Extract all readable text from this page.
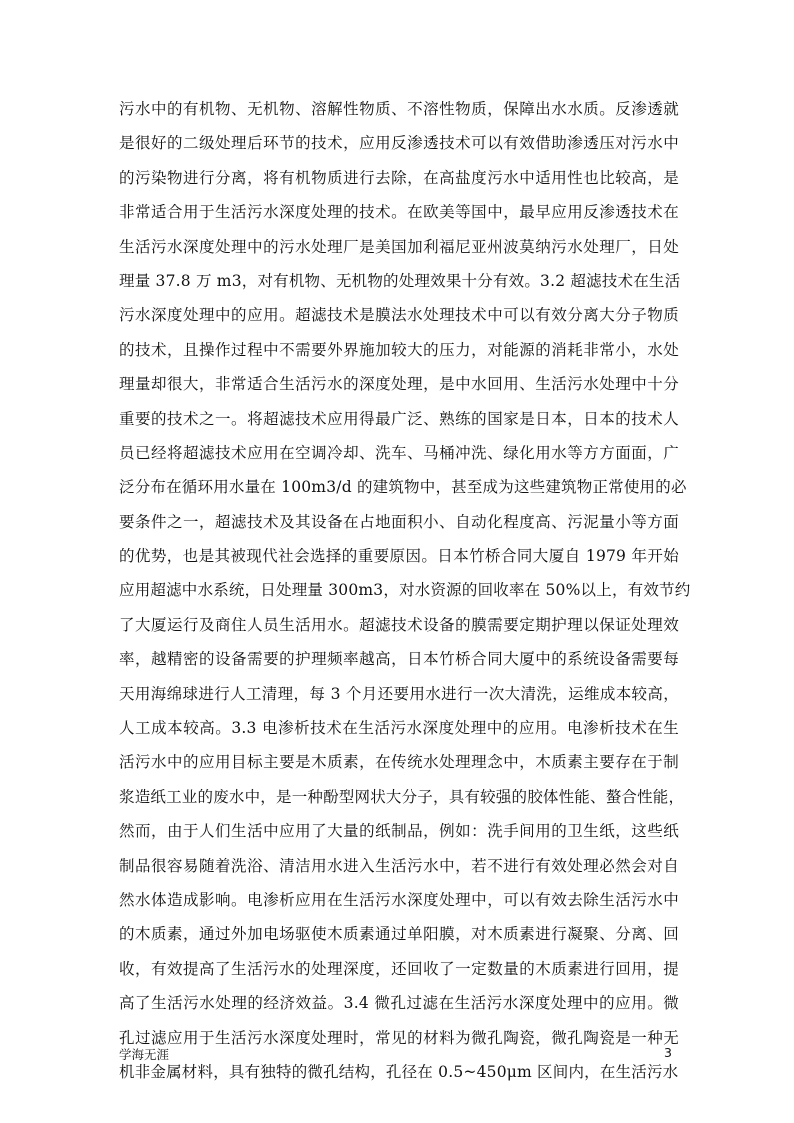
污水中的有机物、无机物、溶解性物质、不溶性物质，保障出水水质。反渗透就
是很好的二级处理后环节的技术，应用反渗透技术可以有效借助渗透压对污水中
的污染物进行分离，将有机物质进行去除，在高盐度污水中适用性也比较高，是
非常适合用于生活污水深度处理的技术。在欧美等国中，最早应用反渗透技术在
生活污水深度处理中的污水处理厂是美国加利福尼亚州波莫纳污水处理厂，日处
理量 37.8 万 m3，对有机物、无机物的处理效果十分有效。3.2 超滤技术在生活
污水深度处理中的应用。超滤技术是膜法水处理技术中可以有效分离大分子物质
的技术，且操作过程中不需要外界施加较大的压力，对能源的消耗非常小，水处
理量却很大，非常适合生活污水的深度处理，是中水回用、生活污水处理中十分
重要的技术之一。将超滤技术应用得最广泛、熟练的国家是日本，日本的技术人
员已经将超滤技术应用在空调冷却、洗车、马桶冲洗、绿化用水等方方面面，广
泛分布在循环用水量在 100m3/d 的建筑物中，甚至成为这些建筑物正常使用的必
要条件之一，超滤技术及其设备在占地面积小、自动化程度高、污泥量小等方面
的优势，也是其被现代社会选择的重要原因。日本竹桥合同大厦自 1979 年开始
应用超滤中水系统，日处理量 300m3，对水资源的回收率在 50%以上，有效节约
了大厦运行及商住人员生活用水。超滤技术设备的膜需要定期护理以保证处理效
率，越精密的设备需要的护理频率越高，日本竹桥合同大厦中的系统设备需要每
天用海绵球进行人工清理，每 3 个月还要用水进行一次大清洗，运维成本较高，
人工成本较高。3.3 电渗析技术在生活污水深度处理中的应用。电渗析技术在生
活污水中的应用目标主要是木质素，在传统水处理理念中，木质素主要存在于制
浆造纸工业的废水中，是一种酚型网状大分子，具有较强的胶体性能、螯合性能，
然而，由于人们生活中应用了大量的纸制品，例如：洗手间用的卫生纸，这些纸
制品很容易随着洗浴、清洁用水进入生活污水中，若不进行有效处理必然会对自
然水体造成影响。电渗析应用在生活污水深度处理中，可以有效去除生活污水中
的木质素，通过外加电场驱使木质素通过单阳膜，对木质素进行凝聚、分离、回
收，有效提高了生活污水的处理深度，还回收了一定数量的木质素进行回用，提
高了生活污水处理的经济效益。3.4 微孔过滤在生活污水深度处理中的应用。微
孔过滤应用于生活污水深度处理时，常见的材料为微孔陶瓷，微孔陶瓷是一种无
机非金属材料，具有独特的微孔结构，孔径在 0.5~450μm 区间内，在生活污水
学海无涯	3
